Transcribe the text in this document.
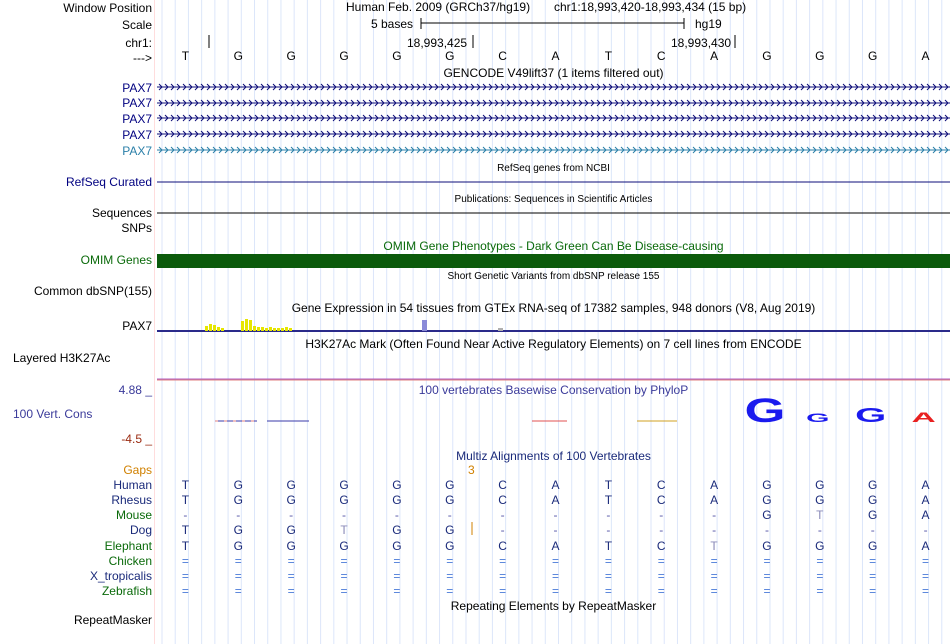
Window Position
Scale
chr1:
--->
PAX7
PAX7
PAX7
PAX7
PAX7
RefSeq Curated
Sequences
SNPs
OMIM Genes
Common dbSNP(155)
PAX7
Layered H3K27Ac
4.88 _
100 Vert. Cons
-4.5 _
Gaps
Human
Rhesus
Mouse
Dog
Elephant
Chicken
X_tropicalis
Zebrafish
RepeatMasker
Human Feb. 2009 (GRCh37/hg19) chr1:18,993,420-18,993,434 (15 bp)
5 bases	hg19
18,993,425	18,993,430
GENCODE V49lift37 (1 items filtered out)
RefSeq genes from NCBI
Publications: Sequences in Scientific Articles
OMIM Gene Phenotypes - Dark Green Can Be Disease-causing
Short Genetic Variants from dbSNP release 155
Gene Expression in 54 tissues from GTEx RNA-seq of 17382 samples, 948 donors (V8, Aug 2019)
H3K27Ac Mark (Often Found Near Active Regulatory Elements) on 7 cell lines from ENCODE
100 vertebrates Basewise Conservation by PhyloP
G G G A
Multiz Alignments of 100 Vertebrates
3
Repeating Elements by RepeatMasker
T	G	G	G	G	G	C	A	T	C	A	G	G	G	A
T	G	G	G	G	G	C	A	T	C	A	G	G	G	A
T	G	G	G	G	G	C	A	T	C	A	G	G	G	A
-	-	-	-	-	-	-	-	-	-	-	G	T	G	A
T	G	G	T	G	G	-	-	-	-	-	-	-	-	-
T	G	G	G	G	G	C	A	T	C	T	G	G	G	A
=	=	=	=	=	=	=	=	=	=	=	=	=	=	=
=	=	=	=	=	=	=	=	=	=	=	=	=	=	=
=	=	=	=	=	=	=	=	=	=	=	=	=	=	=
